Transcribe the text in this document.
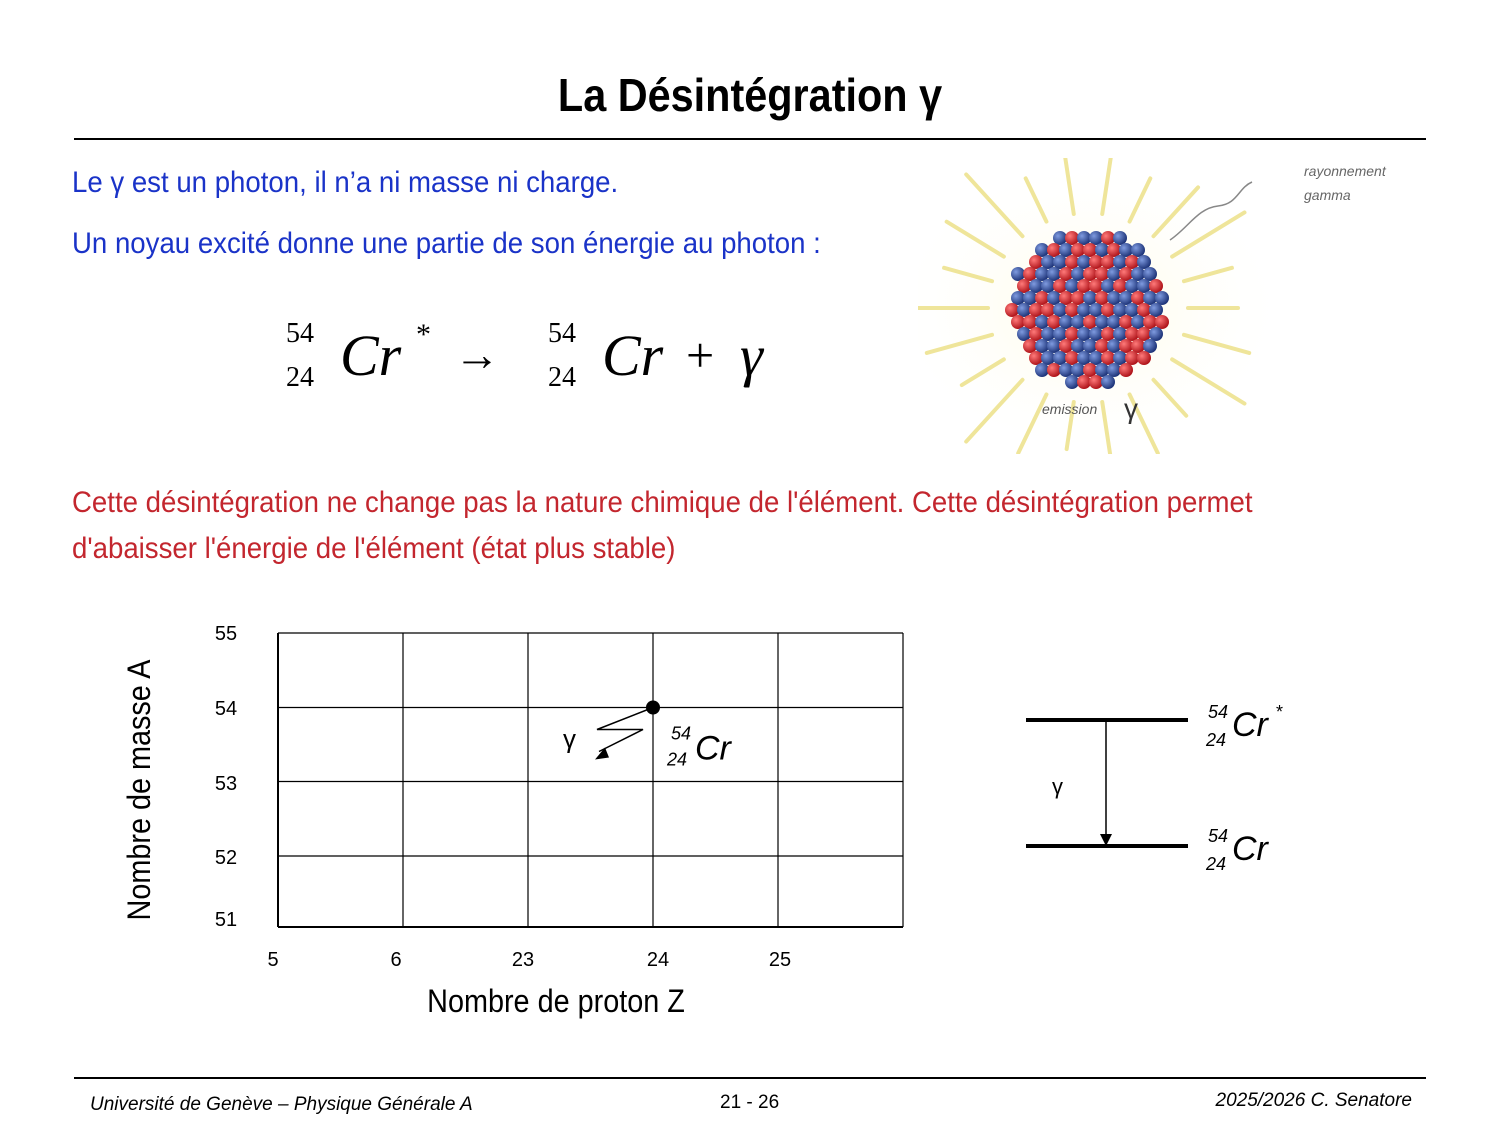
La Désintégration γ
Le γ est un photon, il n’a ni masse ni charge.
Un noyau excité donne une partie de son énergie au photon :
54
24 Cr * → 54
24 Cr + γ
rayonnement
gamma
emission γ
Cette désintégration ne change pas la nature chimique de l'élément. Cette désintégration permet d'abaisser l'énergie de l'élément (état plus stable)
55
54
53
52
51
5	6	23	24	25
γ	54
24 Cr
Nombre de proton Z
Nombre de masse A	γ
54
24 Cr *
54
24 Cr
Université de Genève – Physique Générale A	21 - 26	2025/2026 C. Senatore
